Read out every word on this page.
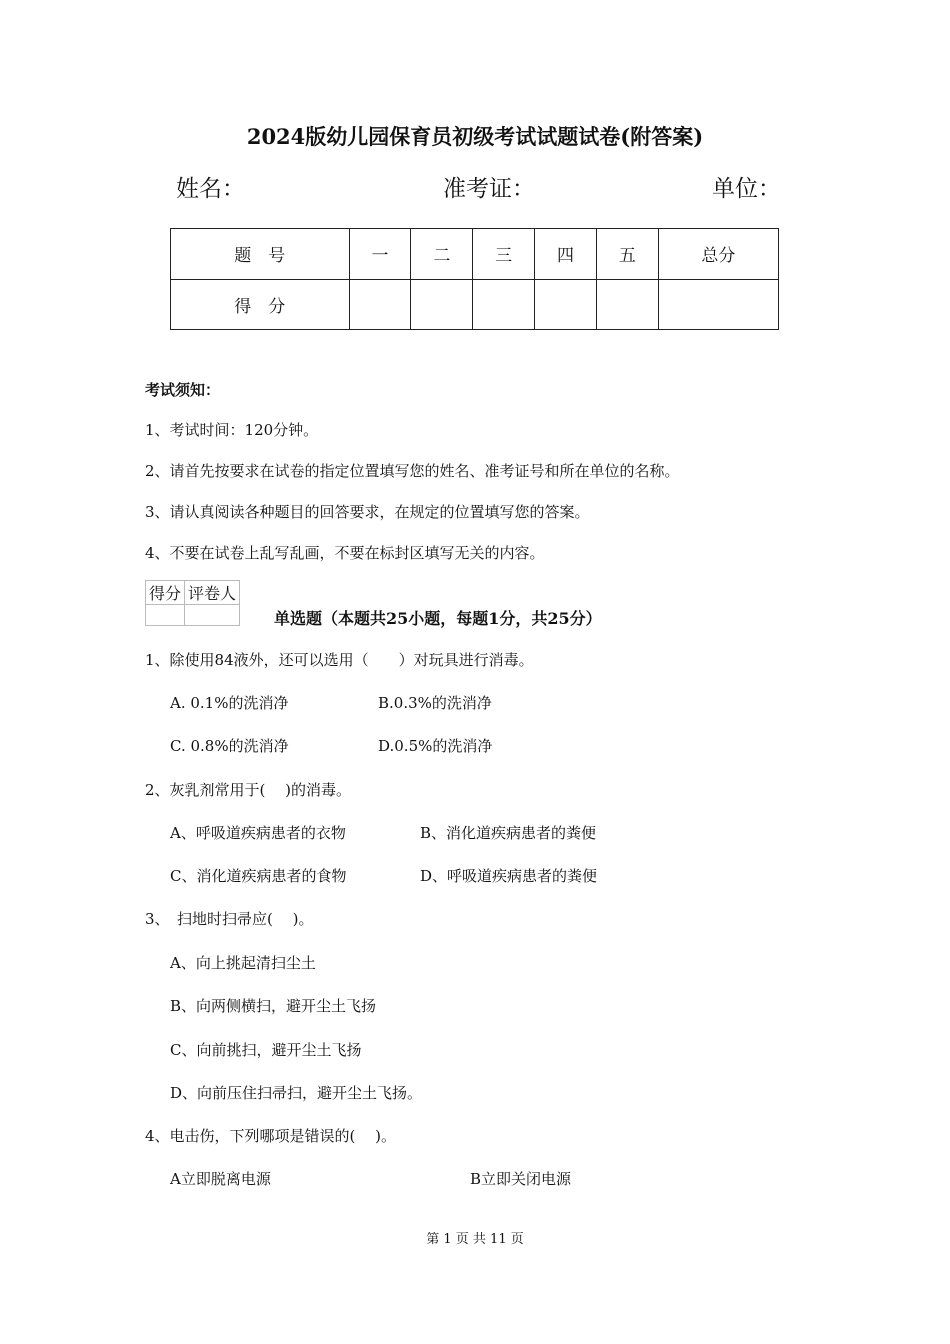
2024版幼儿园保育员初级考试试题试卷(附答案)
姓名：	准考证：	单位：
题　号	一	二	三	四	五	总分
得　分						
考试须知：
1、考试时间：120分钟。
2、请首先按要求在试卷的指定位置填写您的姓名、准考证号和所在单位的名称。
3、请认真阅读各种题目的回答要求，在规定的位置填写您的答案。
4、不要在试卷上乱写乱画，不要在标封区填写无关的内容。
得分	评卷人

单选题（本题共25小题，每题1分，共25分）
1、除使用84液外，还可以选用（　　）对玩具进行消毒。
A. 0.1%的洗消净	B.0.3%的洗消净
C. 0.8%的洗消净	D.0.5%的洗消净
2、灰乳剂常用于(　 )的消毒。
A、呼吸道疾病患者的衣物	B、消化道疾病患者的粪便
C、消化道疾病患者的食物	D、呼吸道疾病患者的粪便
3、　扫地时扫帚应(　 )。
A、向上挑起清扫尘土
B、向两侧横扫，避开尘土飞扬
C、向前挑扫，避开尘土飞扬
D、向前压住扫帚扫，避开尘土飞扬。
4、电击伤，下列哪项是错误的(　 )。
A立即脱离电源	B立即关闭电源
第 1 页 共 11 页
